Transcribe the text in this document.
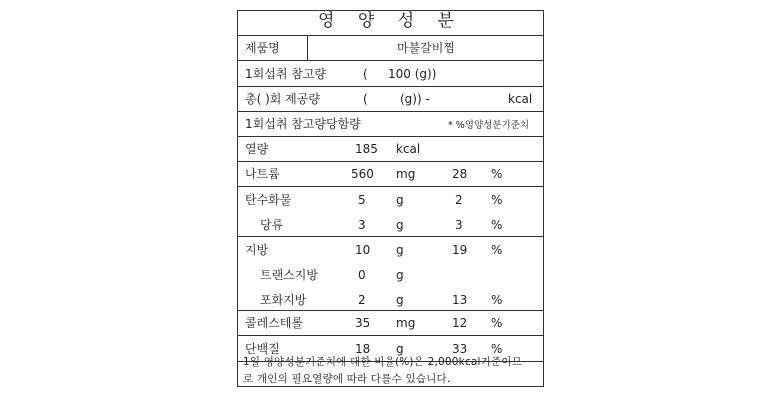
영 양 성 분
제품명	마불갈비찜
1회섭취 참고량	( 100 (g))
총( )회 제공량	(	(g)) -	kcal
1회섭취 참고량당함량	* %영양성분기준치
열량	185 kcal
나트륨	560 mg	28 %
탄수화물	5	g	2 %
당류	3	g	3 %
지방	10 g	19 %
트랜스지방	0	g
포화지방	2	g	13 %
콜레스테롤	35 mg	12 %
단백질	18 g	33 %
1일 영양성분기준치에 대한 비율(%)은 2,000kcal기준이므
로 개인의 필요열량에 따라 다를수 있습니다.
